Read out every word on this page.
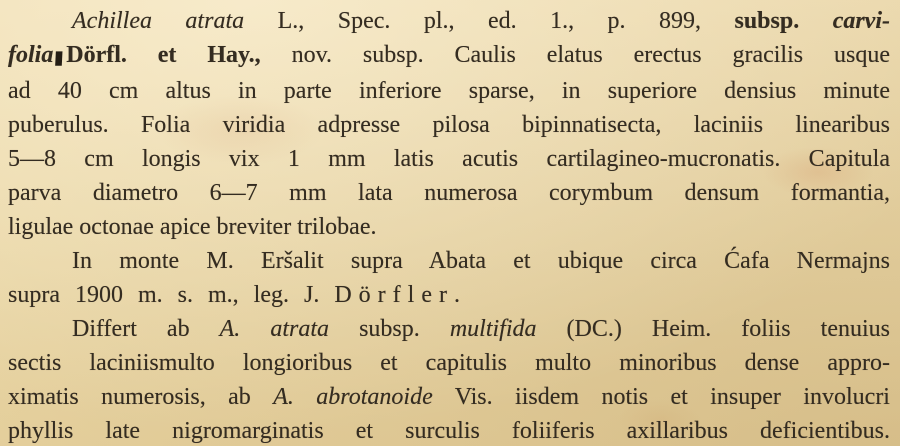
Achillea atrata L., Spec. pl., ed. 1., p. 899, subsp. carvi-
folia▮Dörfl. et Hay., nov. subsp. Caulis elatus erectus gracilis usque
ad 40 cm altus in parte inferiore sparse, in superiore densius minute
puberulus. Folia viridia adpresse pilosa bipinnatisecta, laciniis linearibus
5—8 cm longis vix 1 mm latis acutis cartilagineo-mucronatis. Capitula
parva diametro 6—7 mm lata numerosa corymbum densum formantia,
ligulae octonae apice breviter trilobae.
In monte M. Eršalit supra Abata et ubique circa Ćafa Nermajns
supra 1900 m. s. m., leg. J. Dörfler.
Differt ab A. atrata subsp. multifida (DC.) Heim. foliis tenuius
sectis laciniismulto longioribus et capitulis multo minoribus dense appro-
ximatis numerosis, ab A. abrotanoide Vis. iisdem notis et insuper involucri
phyllis late nigromarginatis et surculis foliiferis axillaribus deficientibus.
